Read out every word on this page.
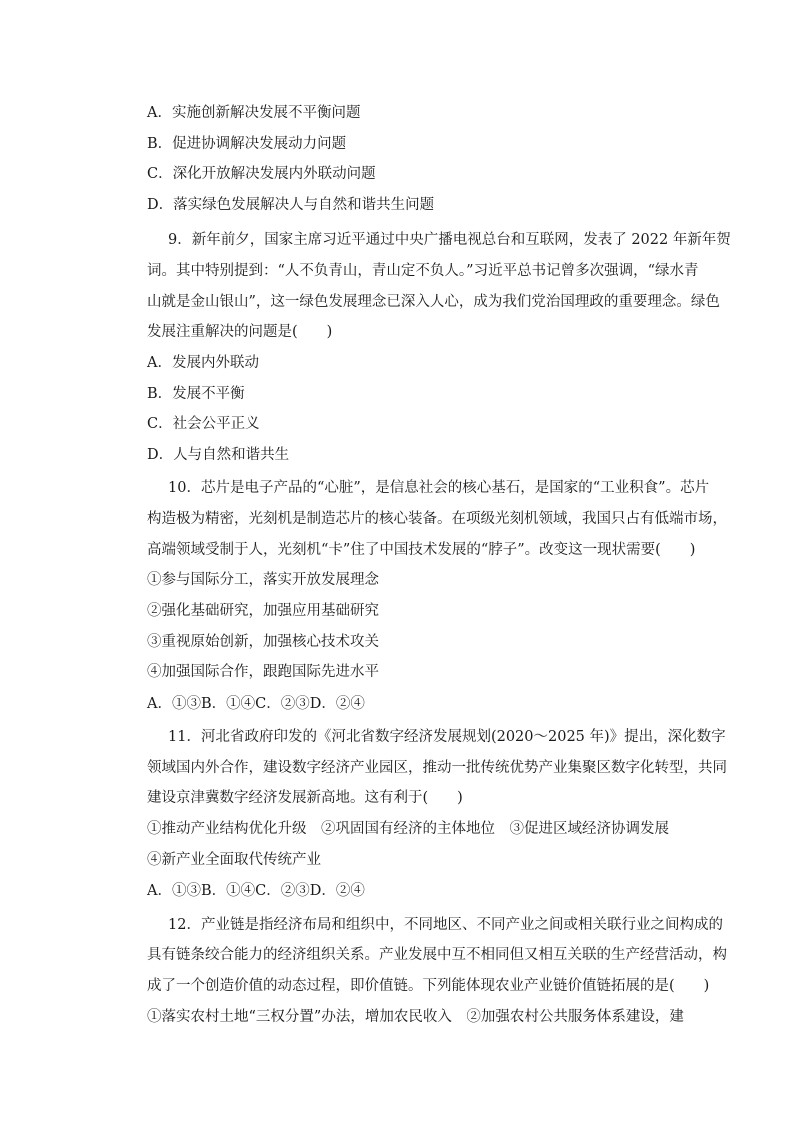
A．实施创新解决发展不平衡问题
B．促进协调解决发展动力问题
C．深化开放解决发展内外联动问题
D．落实绿色发展解决人与自然和谐共生问题
9．新年前夕，国家主席习近平通过中央广播电视总台和互联网，发表了 2022 年新年贺
词。其中特别提到：“人不负青山，青山定不负人。”习近平总书记曾多次强调，“绿水青
山就是金山银山”，这一绿色发展理念已深入人心，成为我们党治国理政的重要理念。绿色
发展注重解决的问题是(　　)
A．发展内外联动
B．发展不平衡
C．社会公平正义
D．人与自然和谐共生
10．芯片是电子产品的“心脏”，是信息社会的核心基石，是国家的“工业积食”。芯片
构造极为精密，光刻机是制造芯片的核心装备。在项级光刻机领域，我国只占有低端市场，
高端领域受制于人，光刻机“卡”住了中国技术发展的“脖子”。改变这一现状需要(　　)
①参与国际分工，落实开放发展理念
②强化基础研究，加强应用基础研究
③重视原始创新，加强核心技术攻关
④加强国际合作，跟跑国际先进水平
A．①③B．①④C．②③D．②④
11．河北省政府印发的《河北省数字经济发展规划(2020～2025 年)》提出，深化数字
领域国内外合作，建设数字经济产业园区，推动一批传统优势产业集聚区数字化转型，共同
建设京津冀数字经济发展新高地。这有利于(　　)
①推动产业结构优化升级　②巩固国有经济的主体地位　③促进区域经济协调发展
④新产业全面取代传统产业
A．①③B．①④C．②③D．②④
12．产业链是指经济布局和组织中，不同地区、不同产业之间或相关联行业之间构成的
具有链条绞合能力的经济组织关系。产业发展中互不相同但又相互关联的生产经营活动，构
成了一个创造价值的动态过程，即价值链。下列能体现农业产业链价值链拓展的是(　　)
①落实农村土地“三权分置”办法，增加农民收入　②加强农村公共服务体系建设，建
